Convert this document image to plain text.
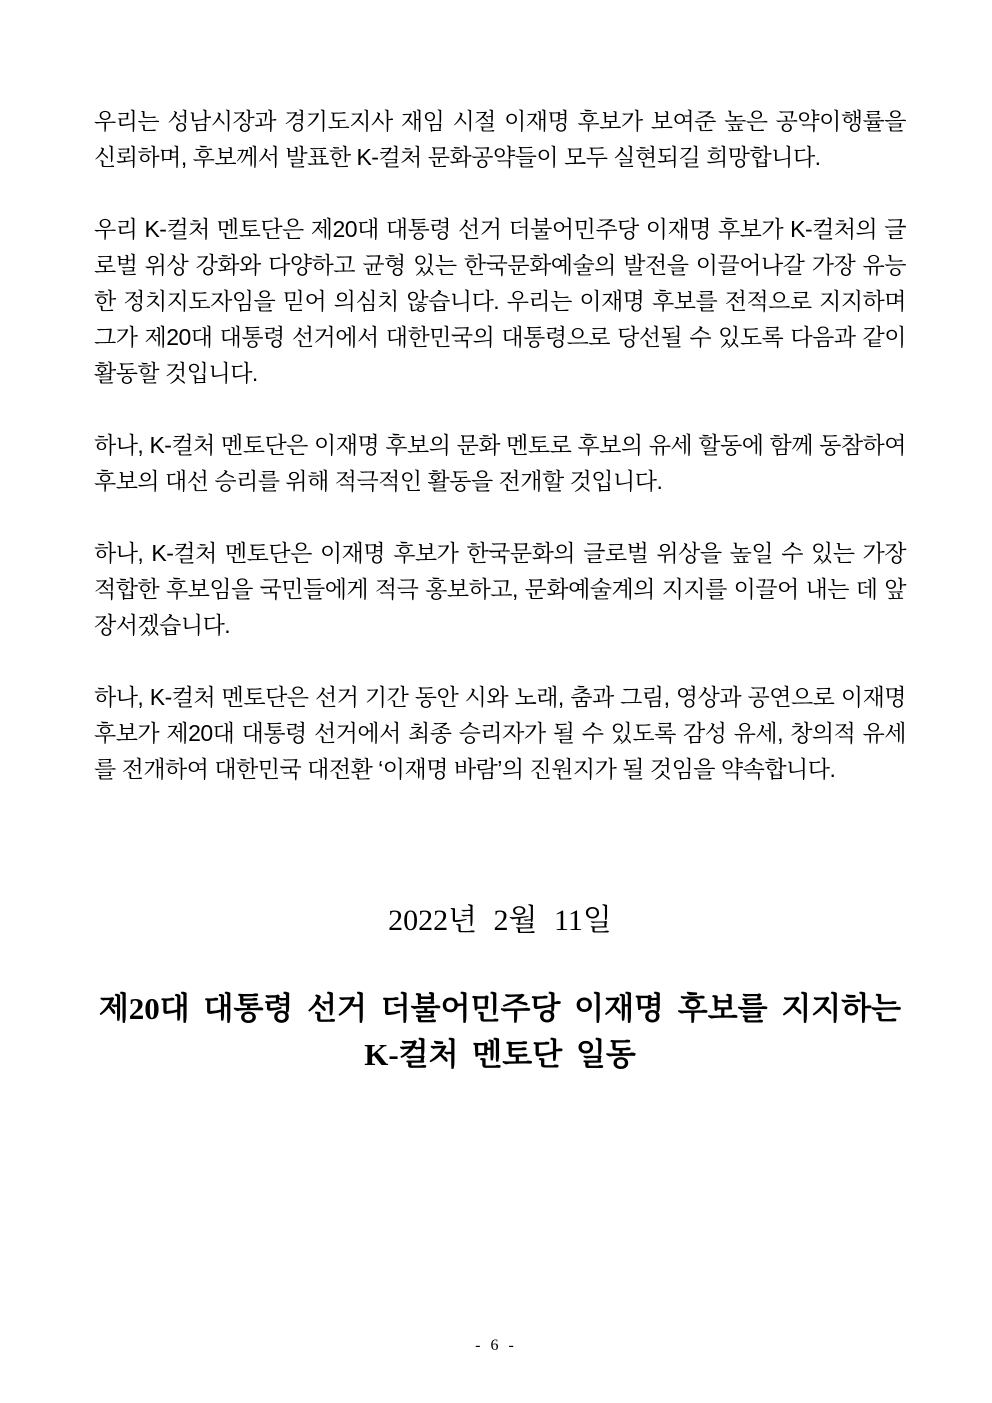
우리는 성남시장과 경기도지사 재임 시절 이재명 후보가 보여준 높은 공약이행률을 신뢰하며, 후보께서 발표한 K-컬처 문화공약들이 모두 실현되길 희망합니다.

우리 K-컬처 멘토단은 제20대 대통령 선거 더불어민주당 이재명 후보가 K-컬처의 글로벌 위상 강화와 다양하고 균형 있는 한국문화예술의 발전을 이끌어나갈 가장 유능한 정치지도자임을 믿어 의심치 않습니다. 우리는 이재명 후보를 전적으로 지지하며 그가 제20대 대통령 선거에서 대한민국의 대통령으로 당선될 수 있도록 다음과 같이 활동할 것입니다.

하나, K-컬처 멘토단은 이재명 후보의 문화 멘토로 후보의 유세 할동에 함께 동참하여 후보의 대선 승리를 위해 적극적인 활동을 전개할 것입니다.

하나, K-컬처 멘토단은 이재명 후보가 한국문화의 글로벌 위상을 높일 수 있는 가장 적합한 후보임을 국민들에게 적극 홍보하고, 문화예술계의 지지를 이끌어 내는 데 앞장서겠습니다.

하나, K-컬처 멘토단은 선거 기간 동안 시와 노래, 춤과 그림, 영상과 공연으로 이재명 후보가 제20대 대통령 선거에서 최종 승리자가 될 수 있도록 감성 유세, 창의적 유세를 전개하여 대한민국 대전환 ‘이재명 바람’의 진원지가 될 것임을 약속합니다.

2022년 2월 11일
제20대 대통령 선거 더불어민주당 이재명 후보를 지지하는
K-컬처 멘토단 일동
- 6 -
